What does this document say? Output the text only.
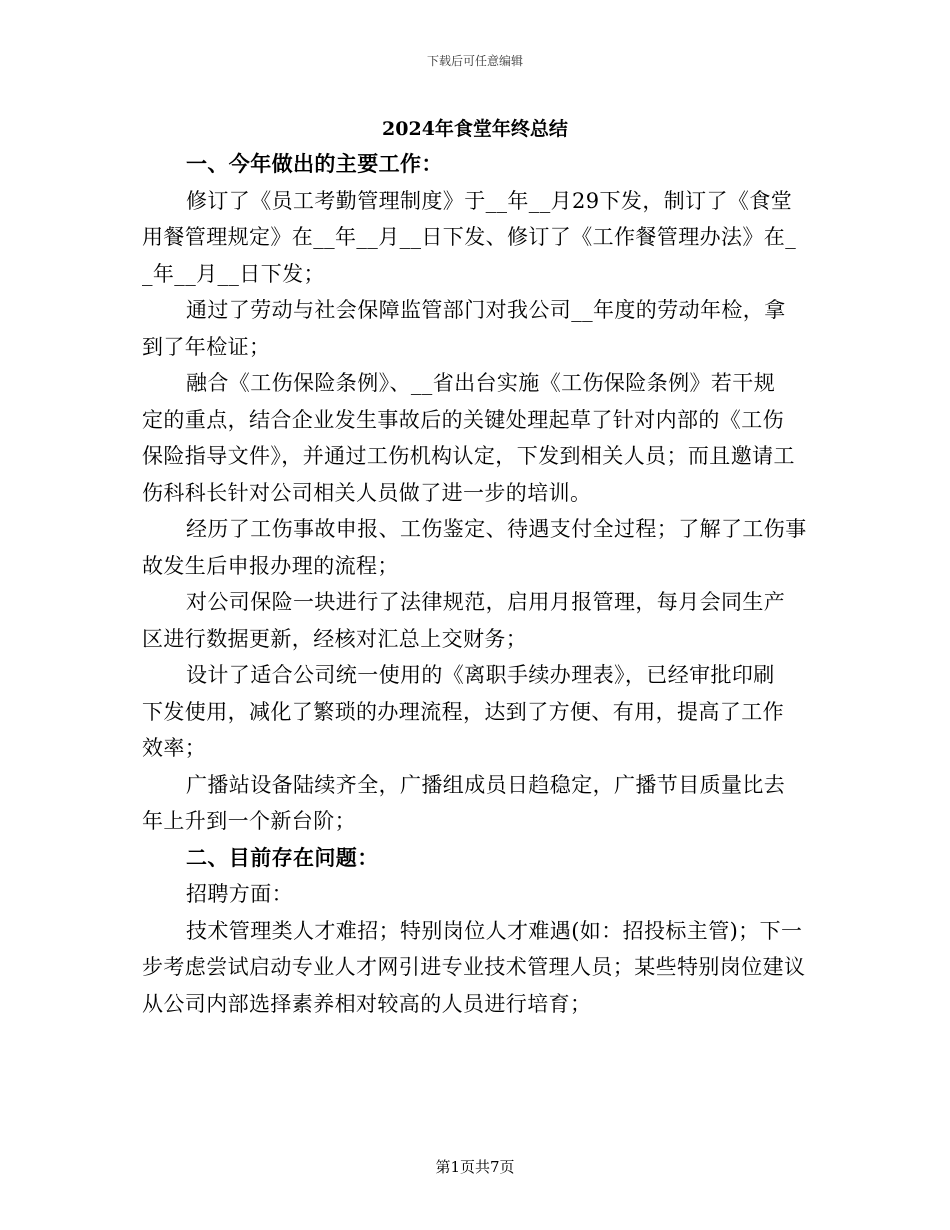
下载后可任意编辑
2024年食堂年终总结
一、今年做出的主要工作：
修订了《员工考勤管理制度》于__年__月29下发，制订了《食堂
用餐管理规定》在__年__月__日下发、修订了《工作餐管理办法》在_
_年__月__日下发；
通过了劳动与社会保障监管部门对我公司__年度的劳动年检，拿
到了年检证；
融合《工伤保险条例》、__省出台实施《工伤保险条例》若干规
定的重点，结合企业发生事故后的关键处理起草了针对内部的《工伤
保险指导文件》，并通过工伤机构认定，下发到相关人员；而且邀请工
伤科科长针对公司相关人员做了进一步的培训。
经历了工伤事故申报、工伤鉴定、待遇支付全过程；了解了工伤事
故发生后申报办理的流程；
对公司保险一块进行了法律规范，启用月报管理，每月会同生产
区进行数据更新，经核对汇总上交财务；
设计了适合公司统一使用的《离职手续办理表》，已经审批印刷
下发使用，减化了繁琐的办理流程，达到了方便、有用，提高了工作
效率；
广播站设备陆续齐全，广播组成员日趋稳定，广播节目质量比去
年上升到一个新台阶；
二、目前存在问题：
招聘方面：
技术管理类人才难招；特别岗位人才难遇(如：招投标主管)；下一
步考虑尝试启动专业人才网引进专业技术管理人员；某些特别岗位建议
从公司内部选择素养相对较高的人员进行培育；
第1页共7页
